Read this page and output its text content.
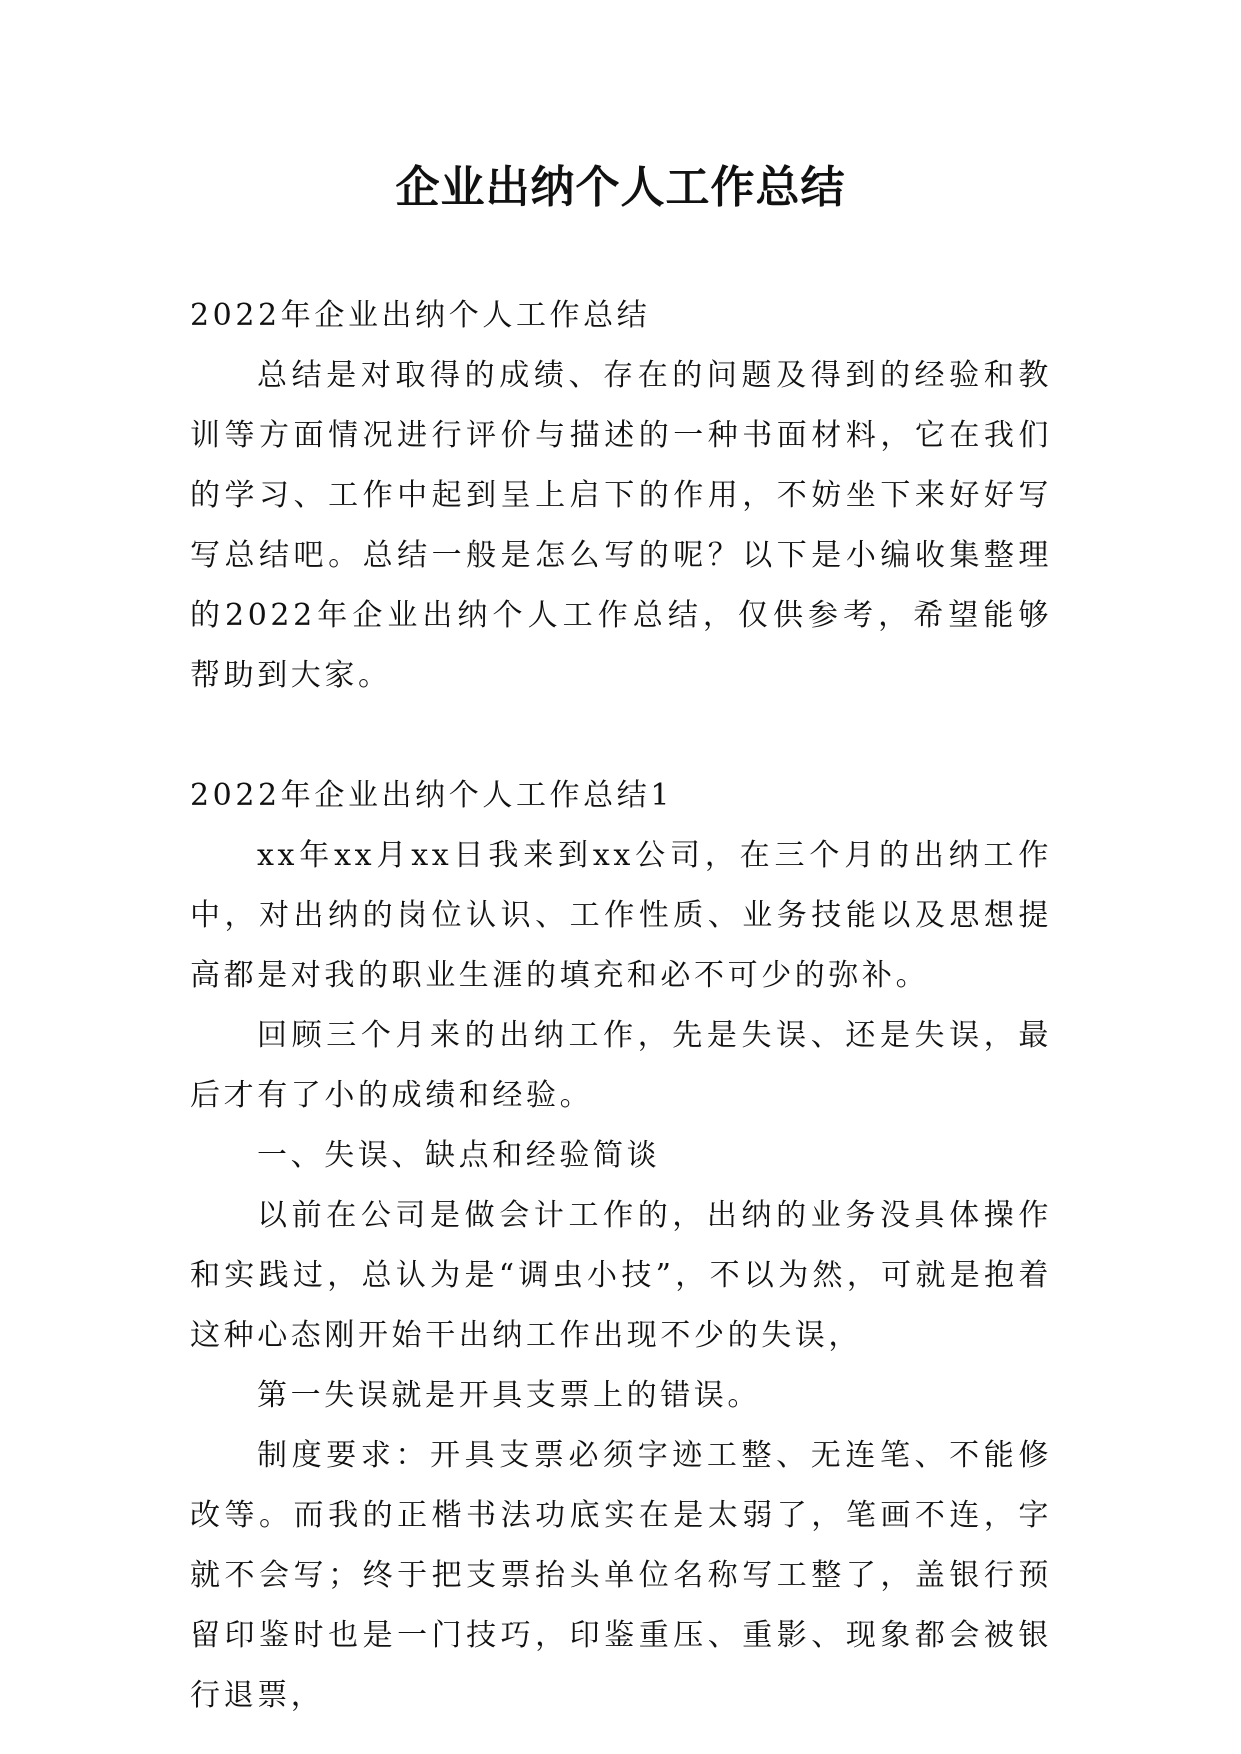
企业出纳个人工作总结

2022年企业出纳个人工作总结

总结是对取得的成绩、存在的问题及得到的经验和教训等方面情况进行评价与描述的一种书面材料，它在我们的学习、工作中起到呈上启下的作用，不妨坐下来好好写写总结吧。总结一般是怎么写的呢？以下是小编收集整理的2022年企业出纳个人工作总结，仅供参考，希望能够帮助到大家。

2022年企业出纳个人工作总结1

xx年xx月xx日我来到xx公司，在三个月的出纳工作中，对出纳的岗位认识、工作性质、业务技能以及思想提高都是对我的职业生涯的填充和必不可少的弥补。

回顾三个月来的出纳工作，先是失误、还是失误，最后才有了小的成绩和经验。

一、失误、缺点和经验简谈

以前在公司是做会计工作的，出纳的业务没具体操作和实践过，总认为是“调虫小技”，不以为然，可就是抱着这种心态刚开始干出纳工作出现不少的失误，

第一失误就是开具支票上的错误。

制度要求：开具支票必须字迹工整、无连笔、不能修改等。而我的正楷书法功底实在是太弱了，笔画不连，字就不会写；终于把支票抬头单位名称写工整了，盖银行预留印鉴时也是一门技巧，印鉴重压、重影、现象都会被银行退票，
